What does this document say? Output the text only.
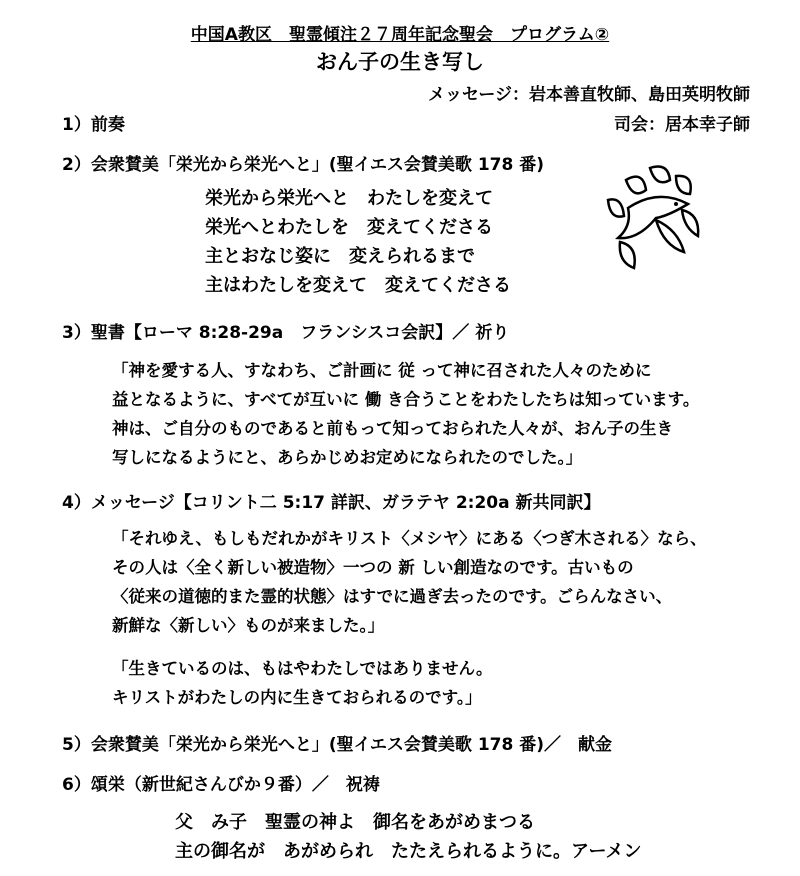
中国A教区　聖霊傾注２７周年記念聖会　プログラム②
おん子の生き写し
メッセージ：岩本善直牧師、島田英明牧師
1）前奏	司会：居本幸子師
2）会衆賛美「栄光から栄光へと」(聖イエス会賛美歌 178 番)
栄光から栄光へと　わたしを変えて
栄光へとわたしを　変えてくださる
主とおなじ姿に　変えられるまで
主はわたしを変えて　変えてくださる
3）聖書【ローマ 8:28-29a　フランシスコ会訳】／ 祈り
「神を愛する人、すなわち、ご計画に 従 って神に召された人々のために
益となるように、すべてが互いに 働 き合うことをわたしたちは知っています。
神は、ご自分のものであると前もって知っておられた人々が、おん子の生き
写しになるようにと、あらかじめお定めになられたのでした。」
4）メッセージ【コリント二 5:17 詳訳、ガラテヤ 2:20a 新共同訳】
「それゆえ、もしもだれかがキリスト〈メシヤ〉にある〈つぎ木される〉なら、
その人は〈全く新しい被造物〉一つの 新 しい創造なのです。古いもの
〈従来の道徳的また霊的状態〉はすでに過ぎ去ったのです。ごらんなさい、
新鮮な〈新しい〉ものが来ました。」
「生きているのは、もはやわたしではありません。
キリストがわたしの内に生きておられるのです。」
5）会衆賛美「栄光から栄光へと」(聖イエス会賛美歌 178 番)／　献金
6）頌栄（新世紀さんびか９番）／　祝祷
父　み子　聖霊の神よ　御名をあがめまつる
主の御名が　あがめられ　たたえられるように。アーメン
